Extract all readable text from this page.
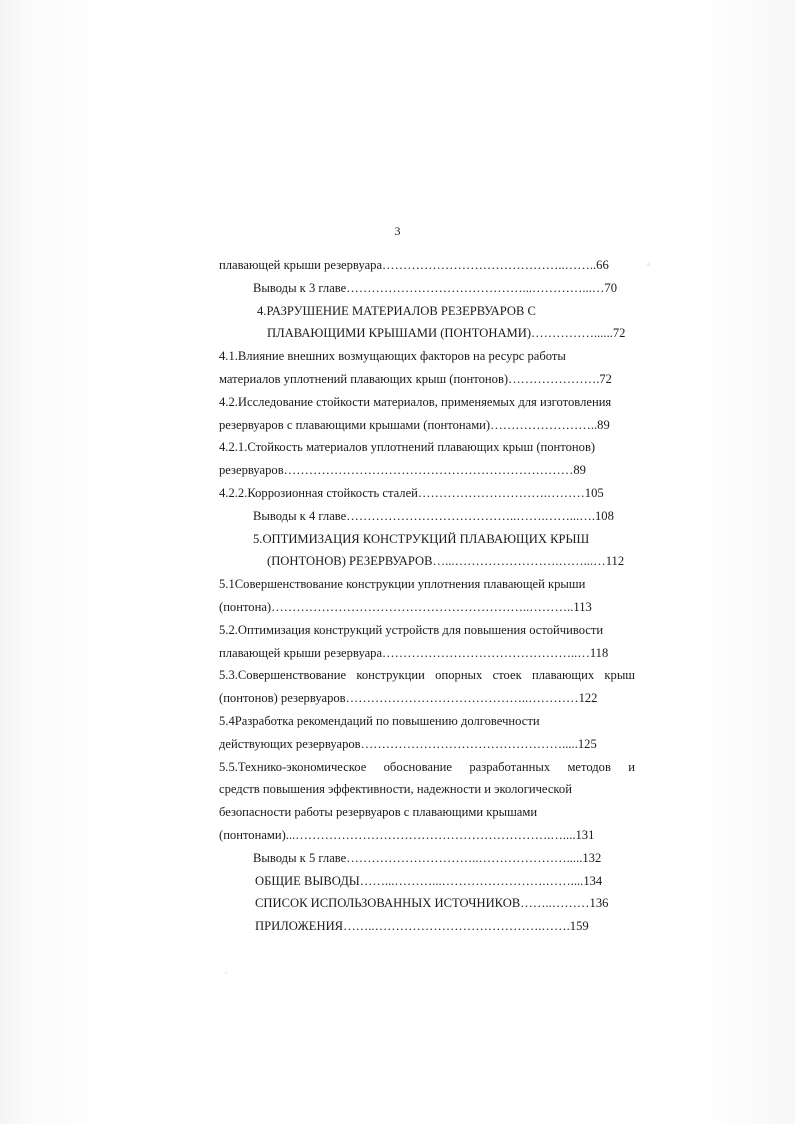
3
плавающей крыши резервуара……………………………………..……..66
Выводы к 3 главе……………………………………...…………...…70
4.РАЗРУШЕНИЕ МАТЕРИАЛОВ РЕЗЕРВУАРОВ С
ПЛАВАЮЩИМИ КРЫШАМИ (ПОНТОНАМИ)……………......72
4.1.Влияние внешних возмущающих факторов на ресурс работы
материалов уплотнений плавающих крыш (понтонов)………………….72
4.2.Исследование стойкости материалов, применяемых для изготовления
резервуаров с плавающими крышами (понтонами)……………………..89
4.2.1.Стойкость материалов уплотнений плавающих крыш (понтонов)
резервуаров……………………………………………………………89
4.2.2.Коррозионная стойкость сталей………………………….………105
Выводы к 4 главе…………………………………..…….……...….108
5.ОПТИМИЗАЦИЯ КОНСТРУКЦИЙ ПЛАВАЮЩИХ КРЫШ
(ПОНТОНОВ) РЕЗЕРВУАРОВ…...…………………….……...…112
5.1Совершенствование конструкции уплотнения плавающей крыши
(понтона)……………………………………………………..………..113
5.2.Оптимизация конструкций устройств для повышения остойчивости
плавающей крыши резервуара………………………………………..…118
5.3.Совершенствование конструкции опорных стоек плавающих крыш
(понтонов) резервуаров……………………………………..…………122
5.4Разработка рекомендаций по повышению долговечности
действующих резервуаров………………………………………….....125
5.5.Технико-экономическое обоснование разработанных методов и
средств повышения эффективности, надежности и экологической
безопасности работы резервуаров с плавающими крышами
(понтонами)...…………………………………………………….…....131
Выводы к 5 главе…………………………..………………….....132
ОБЩИЕ ВЫВОДЫ……...………...…………………….……....134
СПИСОК ИСПОЛЬЗОВАННЫХ ИСТОЧНИКОВ……..………136
ПРИЛОЖЕНИЯ……..………………………………….…….159
